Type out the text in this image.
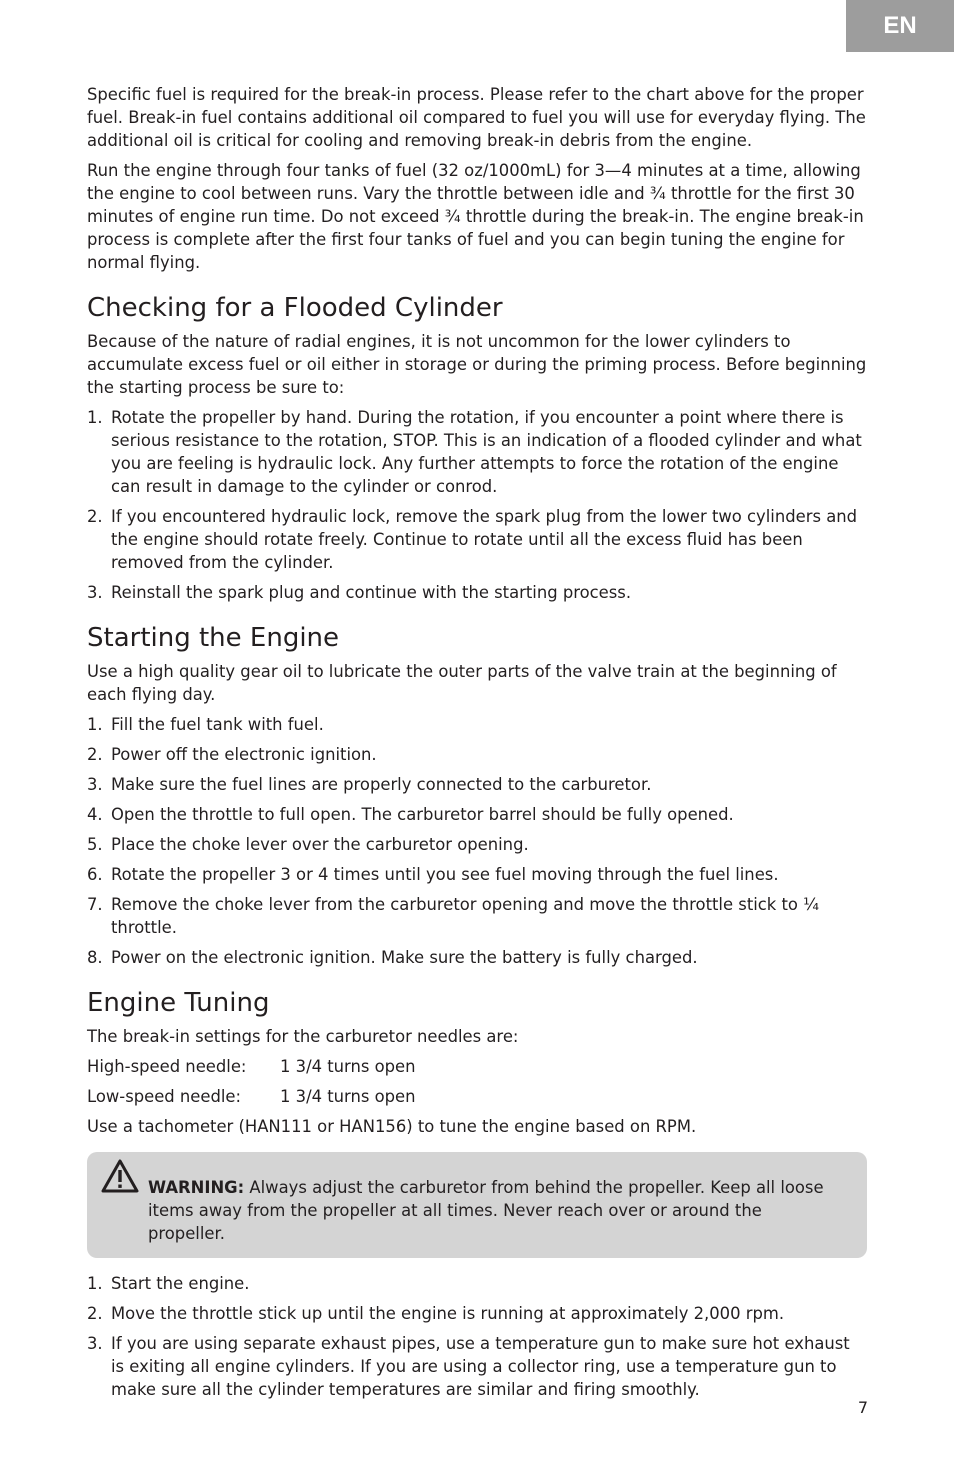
EN

Specific fuel is required for the break-in process. Please refer to the chart above for the proper fuel. Break-in fuel contains additional oil compared to fuel you will use for everyday flying. The additional oil is critical for cooling and removing break-in debris from the engine.

Run the engine through four tanks of fuel (32 oz/1000mL) for 3—4 minutes at a time, allowing the engine to cool between runs. Vary the throttle between idle and ¾ throttle for the first 30 minutes of engine run time. Do not exceed ¾ throttle during the break-in. The engine break-in process is complete after the first four tanks of fuel and you can begin tuning the engine for normal flying.

Checking for a Flooded Cylinder

Because of the nature of radial engines, it is not uncommon for the lower cylinders to accumulate excess fuel or oil either in storage or during the priming process. Before beginning the starting process be sure to:

1. Rotate the propeller by hand. During the rotation, if you encounter a point where there is serious resistance to the rotation, STOP. This is an indication of a flooded cylinder and what you are feeling is hydraulic lock. Any further attempts to force the rotation of the engine can result in damage to the cylinder or conrod.
2. If you encountered hydraulic lock, remove the spark plug from the lower two cylinders and the engine should rotate freely. Continue to rotate until all the excess fluid has been removed from the cylinder.
3. Reinstall the spark plug and continue with the starting process.
Starting the Engine

Use a high quality gear oil to lubricate the outer parts of the valve train at the beginning of each flying day.

1. Fill the fuel tank with fuel.
2. Power off the electronic ignition.
3. Make sure the fuel lines are properly connected to the carburetor.
4. Open the throttle to full open. The carburetor barrel should be fully opened.
5. Place the choke lever over the carburetor opening.
6. Rotate the propeller 3 or 4 times until you see fuel moving through the fuel lines.
7. Remove the choke lever from the carburetor opening and move the throttle stick to ¼ throttle.
8. Power on the electronic ignition. Make sure the battery is fully charged.
Engine Tuning

The break-in settings for the carburetor needles are:

High-speed needle:	1 3/4 turns open
Low-speed needle:	1 3/4 turns open

Use a tachometer (HAN111 or HAN156) to tune the engine based on RPM.

WARNING: Always adjust the carburetor from behind the propeller. Keep all loose items away from the propeller at all times. Never reach over or around the propeller.

1. Start the engine.
2. Move the throttle stick up until the engine is running at approximately 2,000 rpm.
3. If you are using separate exhaust pipes, use a temperature gun to make sure hot exhaust is exiting all engine cylinders. If you are using a collector ring, use a temperature gun to make sure all the cylinder temperatures are similar and firing smoothly.
7
